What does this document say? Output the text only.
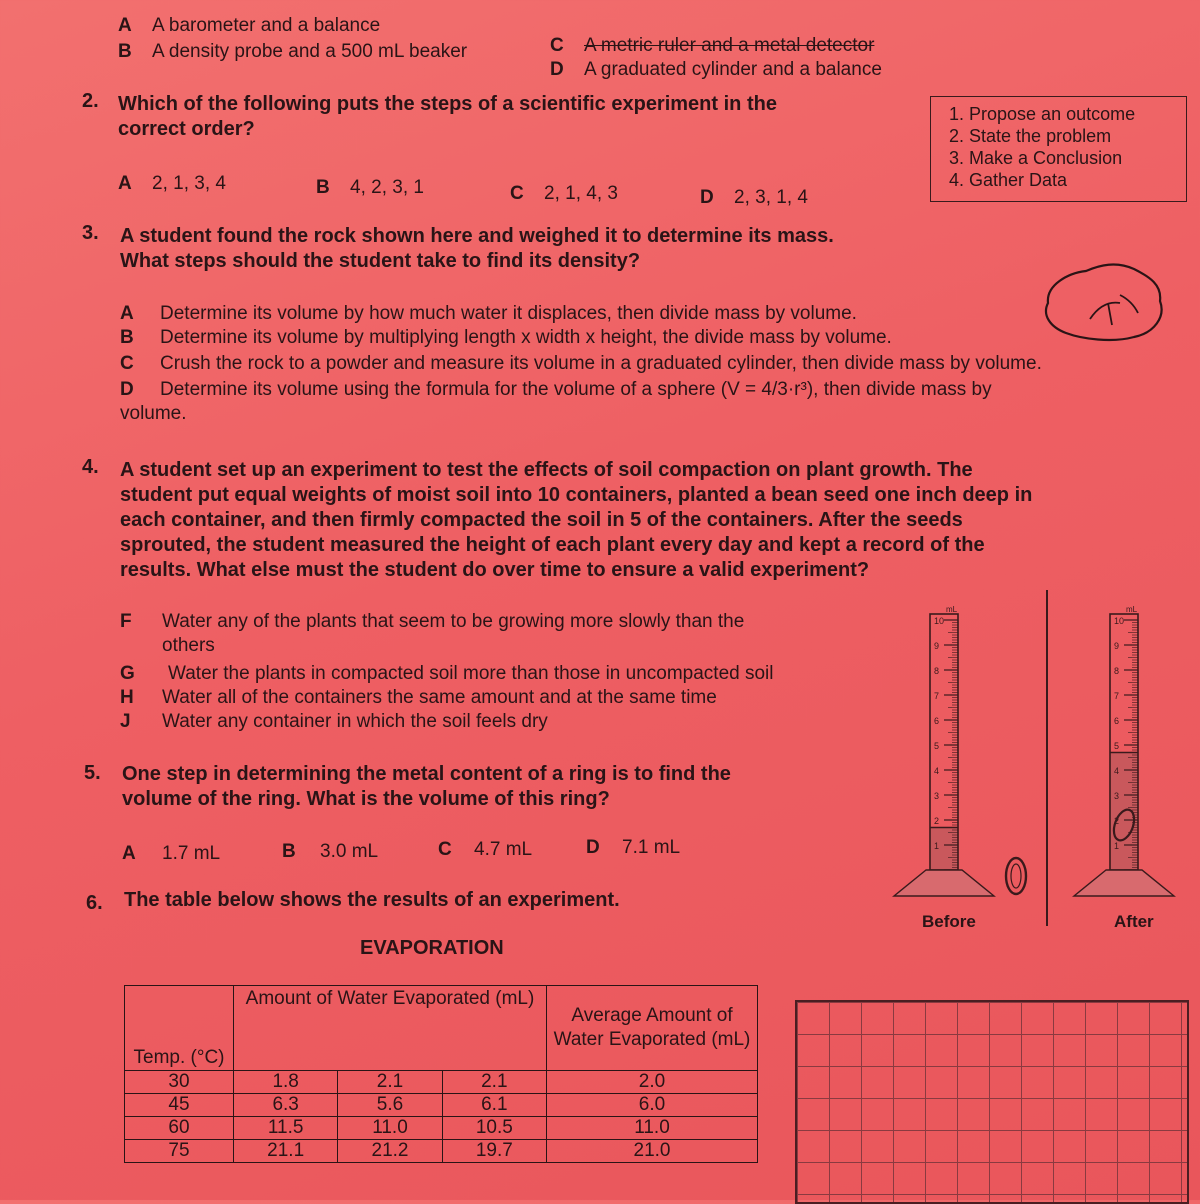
A A barometer and a balance
B A density probe and a 500 mL beaker	C A metric ruler and a metal detector
D A graduated cylinder and a balance
2. Which of the following puts the steps of a scientific experiment in the
correct order?
A 2, 1, 3, 4	B 4, 2, 3, 1	C 2, 1, 4, 3	D 2, 3, 1, 4
1. Propose an outcome
2. State the problem
3. Make a Conclusion
4. Gather Data
3. A student found the rock shown here and weighed it to determine its mass.
What steps should the student take to find its density?
A Determine its volume by how much water it displaces, then divide mass by volume.
B Determine its volume by multiplying length x width x height, the divide mass by volume.
C Crush the rock to a powder and measure its volume in a graduated cylinder, then divide mass by volume.
D Determine its volume using the formula for the volume of a sphere (V = 4/3·r³), then divide mass by
volume.
4. A student set up an experiment to test the effects of soil compaction on plant growth. The
student put equal weights of moist soil into 10 containers, planted a bean seed one inch deep in
each container, and then firmly compacted the soil in 5 of the containers. After the seeds
sprouted, the student measured the height of each plant every day and kept a record of the
results. What else must the student do over time to ensure a valid experiment?
F Water any of the plants that seem to be growing more slowly than the
others
G Water the plants in compacted soil more than those in uncompacted soil
H Water all of the containers the same amount and at the same time
J Water any container in which the soil feels dry
5. One step in determining the metal content of a ring is to find the
volume of the ring. What is the volume of this ring?
A 1.7 mL	B 3.0 mL	C 4.7 mL	D 7.1 mL
10
9
8
7
6
5
4
3
2
1
mL
10
9
8
7
6
5
4
3
2
1
mL
Before	After
6. The table below shows the results of an experiment.
EVAPORATION
Temp. (°C)	Amount of Water Evaporated (mL)			Average Amount of Water Evaporated (mL)
30	1.8	2.1	2.1	2.0
45	6.3	5.6	6.1	6.0
60	11.5	11.0	10.5	11.0
75	21.1	21.2	19.7	21.0
